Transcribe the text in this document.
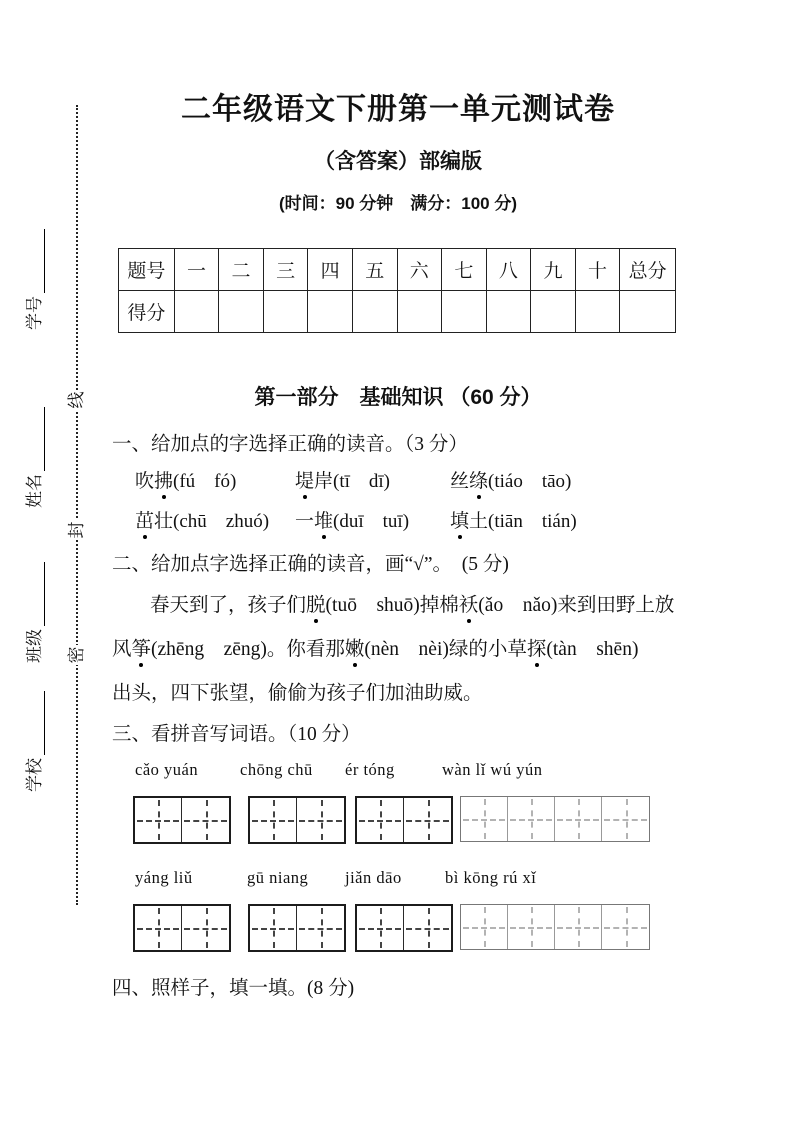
学号
姓名
班级
学校
线
封
密
二年级语文下册第一单元测试卷
（含答案）部编版
(时间：90 分钟　满分：100 分)
题号	一	二	三	四	五	六	七	八	九	十	总分
得分											
第一部分　基础知识 （60 分）
一、给加点的字选择正确的读音。（3 分）
吹拂(fú　fó)	堤岸(tī　dī)	丝绦(tiáo　tāo)
茁壮(chū　zhuó) 一堆(duī　tuī) 填土(tiān　tián)
二、给加点字选择正确的读音，画“√”。　(5 分)
春天到了，孩子们脱(tuō　shuō)掉棉袄(ǎo　nǎo)来到田野上放
风筝(zhēng　zēng)。你看那嫩(nèn　nèi)绿的小草探(tàn　shēn)
出头，四下张望，偷偷为孩子们加油助威。
三、看拼音写词语。（10 分）
cǎo yuán	chōng chū ér tóng	wàn lǐ wú yún
yáng liǔ	gū niang jiǎn dāo	bì kōng rú xǐ
四、照样子，填一填。(8 分)
